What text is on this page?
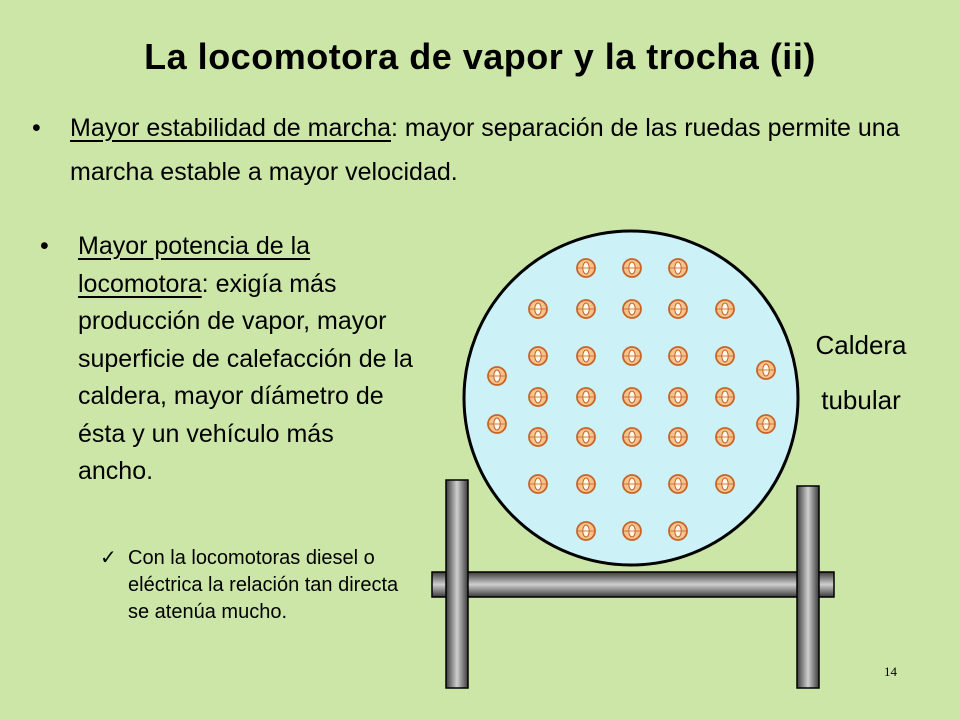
La locomotora de vapor y la trocha (ii)
•	Mayor estabilidad de marcha: mayor separación de las ruedas permite una marcha estable a mayor velocidad.
•	Mayor potencia de la locomotora: exigía más producción de vapor, mayor superficie de calefacción de la caldera, mayor díámetro de ésta y un vehículo más ancho.
✓ Con la locomotoras diesel o eléctrica la relación tan directa se atenúa mucho.
Caldera
tubular
14
